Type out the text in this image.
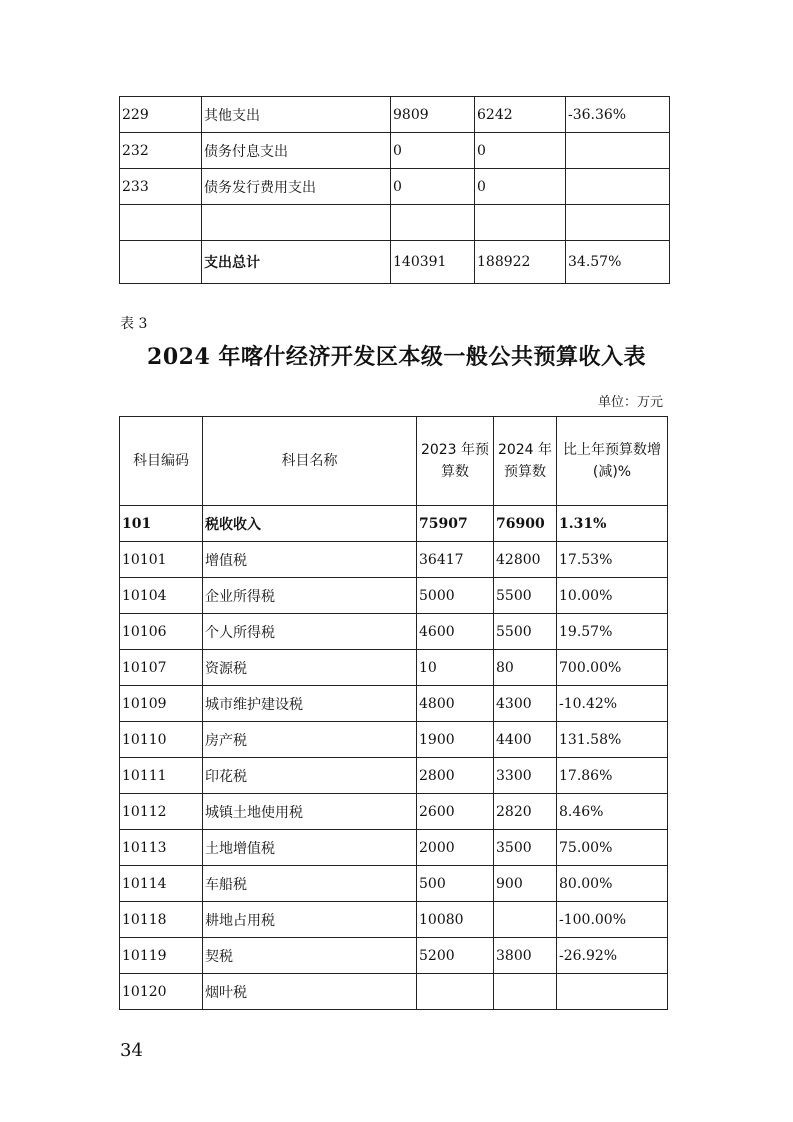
229	其他支出	9809	6242	-36.36%
232	债务付息支出	0	0	
233	债务发行费用支出	0	0	

	支出总计	140391	188922	34.57%
表 3
2024 年喀什经济开发区本级一般公共预算收入表
单位：万元
科目编码	科目名称	2023 年预算数	2024 年预算数	比上年预算数增(减)%
101	税收收入	75907	76900	1.31%
10101	增值税	36417	42800	17.53%
10104	企业所得税	5000	5500	10.00%
10106	个人所得税	4600	5500	19.57%
10107	资源税	10	80	700.00%
10109	城市维护建设税	4800	4300	-10.42%
10110	房产税	1900	4400	131.58%
10111	印花税	2800	3300	17.86%
10112	城镇土地使用税	2600	2820	8.46%
10113	土地增值税	2000	3500	75.00%
10114	车船税	500	900	80.00%
10118	耕地占用税	10080		-100.00%
10119	契税	5200	3800	-26.92%
10120	烟叶税			
34
